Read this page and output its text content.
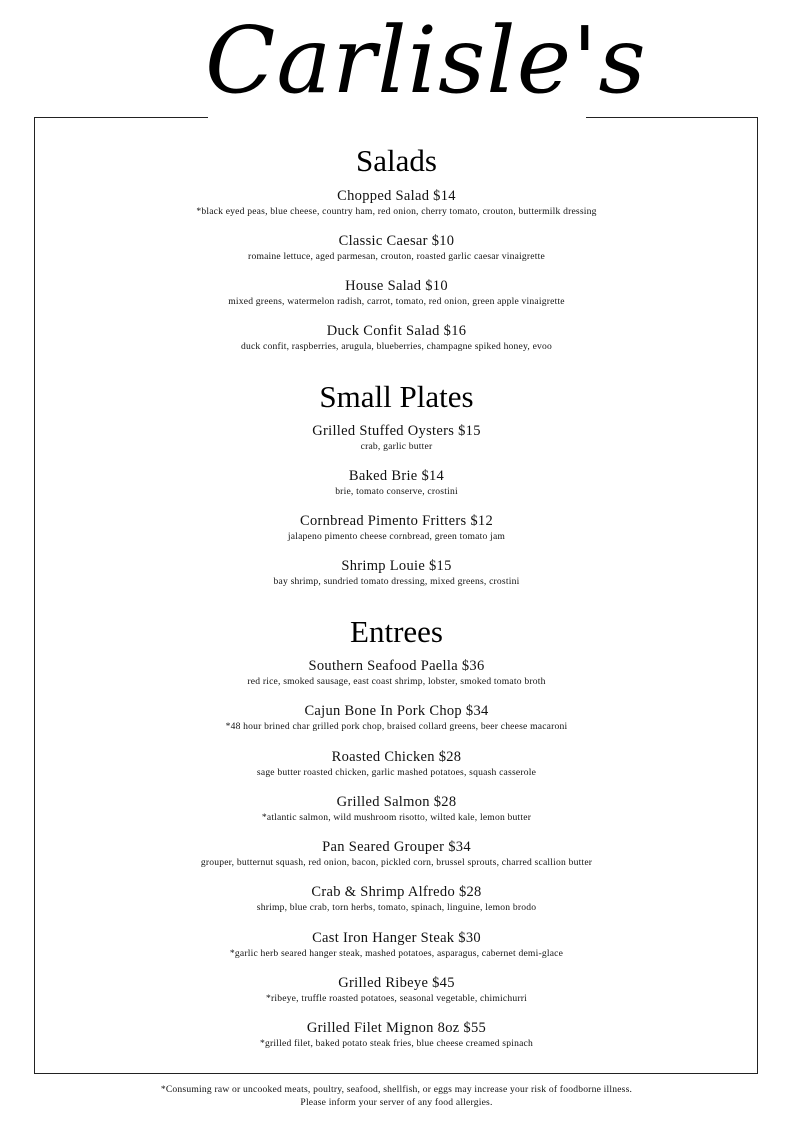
Carlisle's
Salads
Chopped Salad $14
*black eyed peas, blue cheese, country ham, red onion, cherry tomato, crouton, buttermilk dressing
Classic Caesar $10
romaine lettuce, aged parmesan, crouton, roasted garlic caesar vinaigrette
House Salad $10
mixed greens, watermelon radish, carrot, tomato, red onion, green apple vinaigrette
Duck Confit Salad $16
duck confit, raspberries, arugula, blueberries, champagne spiked honey, evoo
Small Plates
Grilled Stuffed Oysters $15
crab, garlic butter
Baked Brie $14
brie, tomato conserve, crostini
Cornbread Pimento Fritters $12
jalapeno pimento cheese cornbread, green tomato jam
Shrimp Louie $15
bay shrimp, sundried tomato dressing, mixed greens, crostini
Entrees
Southern Seafood Paella $36
red rice, smoked sausage, east coast shrimp, lobster, smoked tomato broth
Cajun Bone In Pork Chop $34
*48 hour brined char grilled pork chop, braised collard greens, beer cheese macaroni
Roasted Chicken $28
sage butter roasted chicken, garlic mashed potatoes, squash casserole
Grilled Salmon $28
*atlantic salmon, wild mushroom risotto, wilted kale, lemon butter
Pan Seared Grouper $34
grouper, butternut squash, red onion, bacon, pickled corn, brussel sprouts, charred scallion butter
Crab & Shrimp Alfredo $28
shrimp, blue crab, torn herbs, tomato, spinach, linguine, lemon brodo
Cast Iron Hanger Steak $30
*garlic herb seared hanger steak, mashed potatoes, asparagus, cabernet demi-glace
Grilled Ribeye $45
*ribeye, truffle roasted potatoes, seasonal vegetable, chimichurri
Grilled Filet Mignon 8oz $55
*grilled filet, baked potato steak fries, blue cheese creamed spinach
*Consuming raw or uncooked meats, poultry, seafood, shellfish, or eggs may increase your risk of foodborne illness.
Please inform your server of any food allergies.
